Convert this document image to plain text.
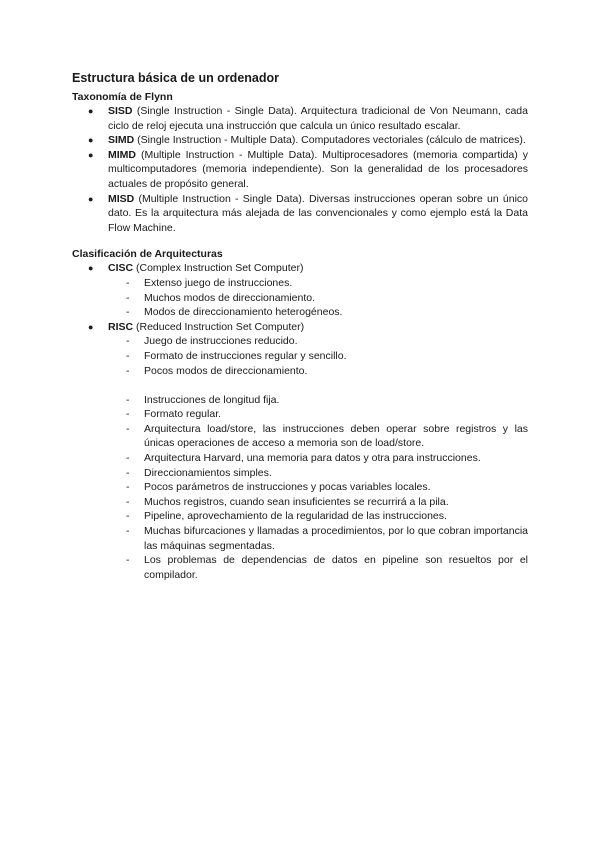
Estructura básica de un ordenador
Taxonomía de Flynn
● SISD (Single Instruction - Single Data). Arquitectura tradicional de Von Neumann, cada ciclo de reloj ejecuta una instrucción que calcula un único resultado escalar.
● SIMD (Single Instruction - Multiple Data). Computadores vectoriales (cálculo de matrices).
● MIMD (Multiple Instruction - Multiple Data). Multiprocesadores (memoria compartida) y multicomputadores (memoria independiente). Son la generalidad de los procesadores actuales de propósito general.
● MISD (Multiple Instruction - Single Data). Diversas instrucciones operan sobre un único dato. Es la arquitectura más alejada de las convencionales y como ejemplo está la Data Flow Machine.
Clasificación de Arquitecturas
● CISC (Complex Instruction Set Computer)
- Extenso juego de instrucciones.
- Muchos modos de direccionamiento.
- Modos de direccionamiento heterogéneos.
● RISC (Reduced Instruction Set Computer)
- Juego de instrucciones reducido.
- Formato de instrucciones regular y sencillo.
- Pocos modos de direccionamiento.
- Instrucciones de longitud fija.
- Formato regular.
- Arquitectura load/store, las instrucciones deben operar sobre registros y las únicas operaciones de acceso a memoria son de load/store.
- Arquitectura Harvard, una memoria para datos y otra para instrucciones.
- Direccionamientos simples.
- Pocos parámetros de instrucciones y pocas variables locales.
- Muchos registros, cuando sean insuficientes se recurrirá a la pila.
- Pipeline, aprovechamiento de la regularidad de las instrucciones.
- Muchas bifurcaciones y llamadas a procedimientos, por lo que cobran importancia las máquinas segmentadas.
- Los problemas de dependencias de datos en pipeline son resueltos por el compilador.
